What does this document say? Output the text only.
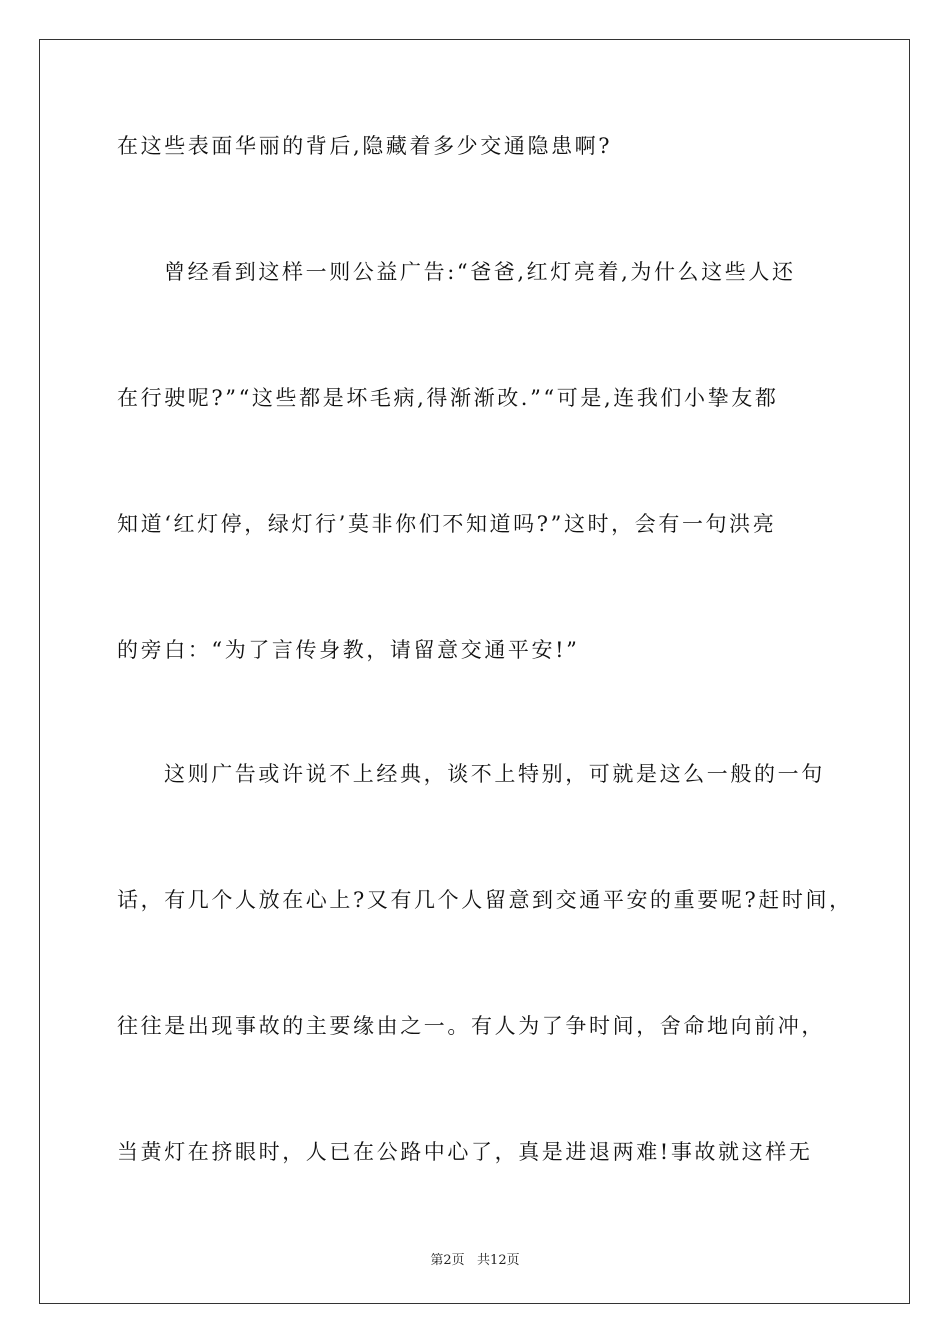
在这些表面华丽的背后,隐藏着多少交通隐患啊?
曾经看到这样一则公益广告:“爸爸,红灯亮着,为什么这些人还
在行驶呢?”“这些都是坏毛病,得渐渐改.”“可是,连我们小挚友都
知道‘红灯停，绿灯行’莫非你们不知道吗?”这时，会有一句洪亮
的旁白：“为了言传身教，请留意交通平安!”
这则广告或许说不上经典，谈不上特别，可就是这么一般的一句
话，有几个人放在心上?又有几个人留意到交通平安的重要呢?赶时间，
往往是出现事故的主要缘由之一。有人为了争时间，舍命地向前冲，
当黄灯在挤眼时，人已在公路中心了，真是进退两难!事故就这样无
第2页   共12页
